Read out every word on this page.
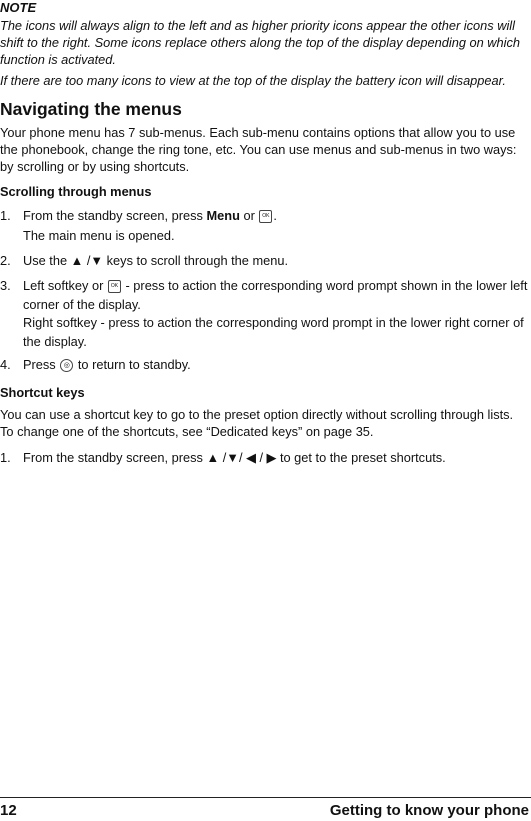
NOTE
The icons will always align to the left and as higher priority icons appear the other icons will shift to the right. Some icons replace others along the top of the display depending on which function is activated.
If there are too many icons to view at the top of the display the battery icon will disappear.
Navigating the menus
Your phone menu has 7 sub-menus. Each sub-menu contains options that allow you to use the phonebook, change the ring tone, etc. You can use menus and sub-menus in two ways: by scrolling or by using shortcuts.
Scrolling through menus
1. From the standby screen, press Menu or OK .
The main menu is opened.
2. Use the ▲ /▼ keys to scroll through the menu.
3. Left softkey or OK - press to action the corresponding word prompt shown in the lower left corner of the display.
Right softkey - press to action the corresponding word prompt in the lower right corner of the display.
4. Press ◎ to return to standby.
Shortcut keys
You can use a shortcut key to go to the preset option directly without scrolling through lists. To change one of the shortcuts, see “Dedicated keys” on page 35.
1. From the standby screen, press ▲ /▼/ ◀ / ▶ to get to the preset shortcuts.
12	Getting to know your phone
